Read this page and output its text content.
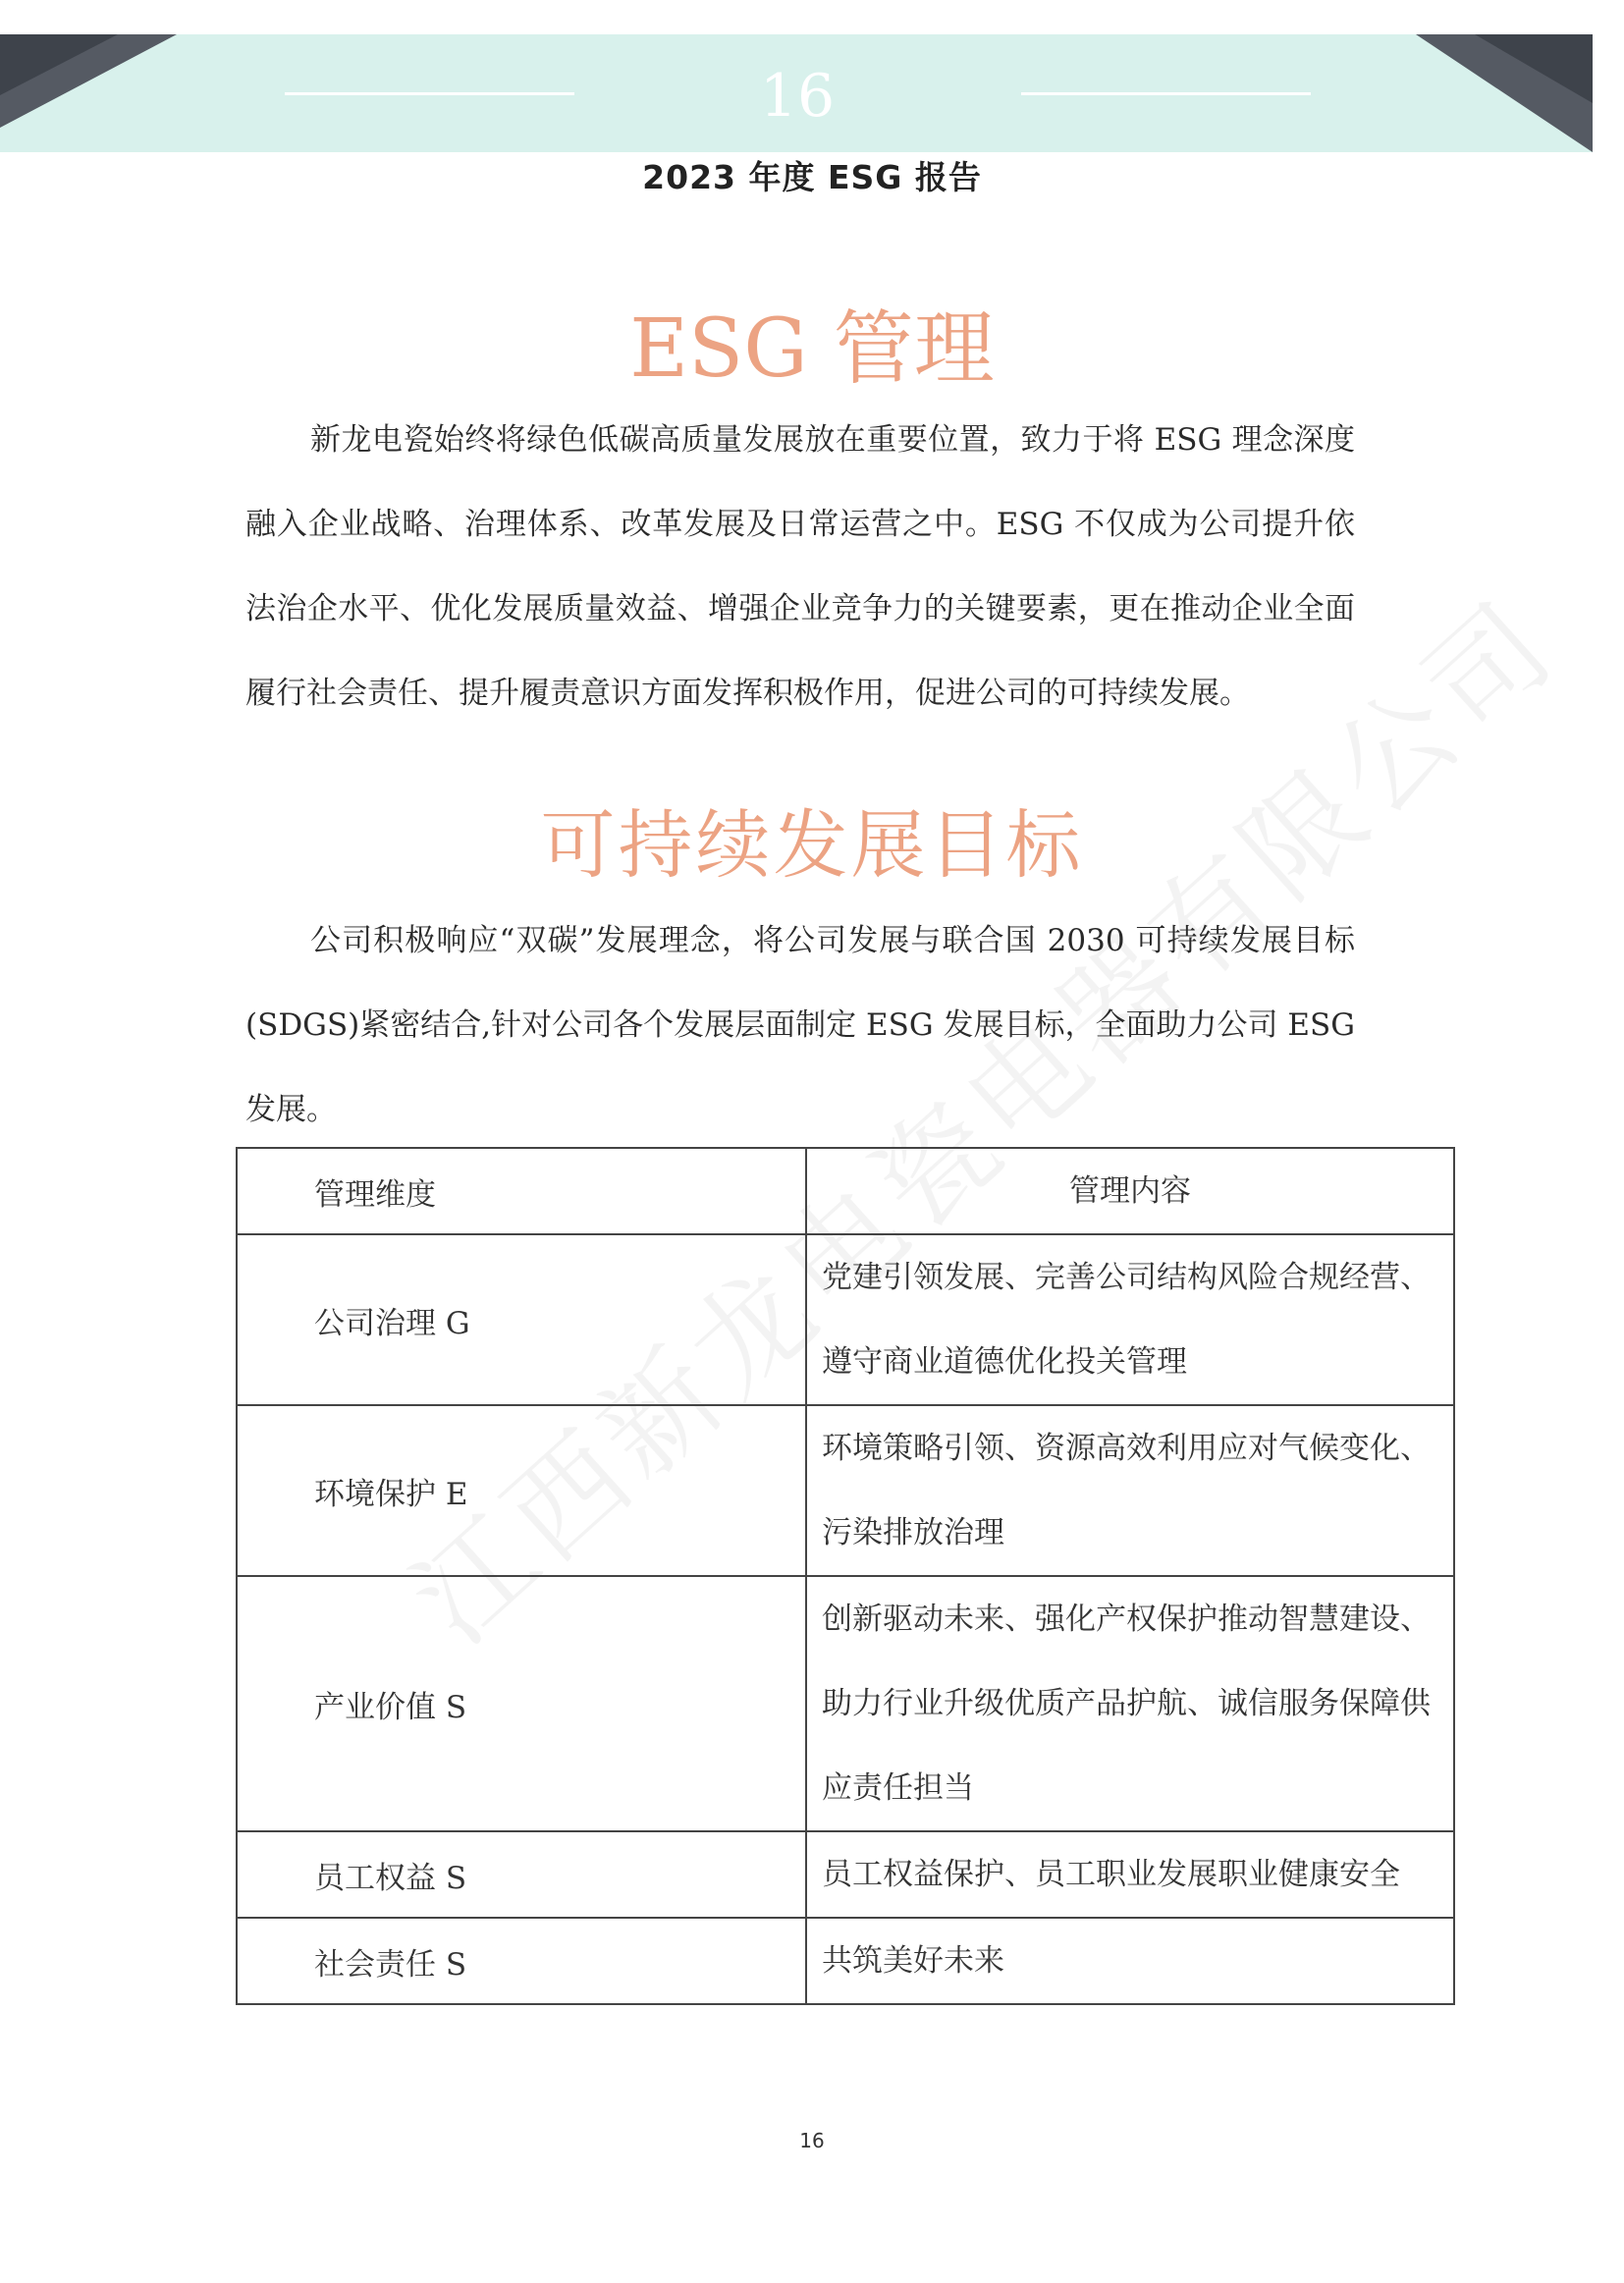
16
2023 年度 ESG 报告
ESG 管理

新龙电瓷始终将绿色低碳高质量发展放在重要位置，致力于将 ESG 理念深度融入企业战略、治理体系、改革发展及日常运营之中。ESG 不仅成为公司提升依法治企水平、优化发展质量效益、增强企业竞争力的关键要素，更在推动企业全面履行社会责任、提升履责意识方面发挥积极作用，促进公司的可持续发展。

可持续发展目标

公司积极响应“双碳”发展理念，将公司发展与联合国 2030 可持续发展目标(SDGS)紧密结合,针对公司各个发展层面制定 ESG 发展目标，全面助力公司 ESG 发展。

管理维度	管理内容
公司治理 G	党建引领发展、完善公司结构风险合规经营、遵守商业道德优化投关管理
环境保护 E	环境策略引领、资源高效利用应对气候变化、污染排放治理
产业价值 S	创新驱动未来、强化产权保护推动智慧建设、助力行业升级优质产品护航、诚信服务保障供应责任担当
员工权益 S	员工权益保护、员工职业发展职业健康安全
社会责任 S	共筑美好未来
16
